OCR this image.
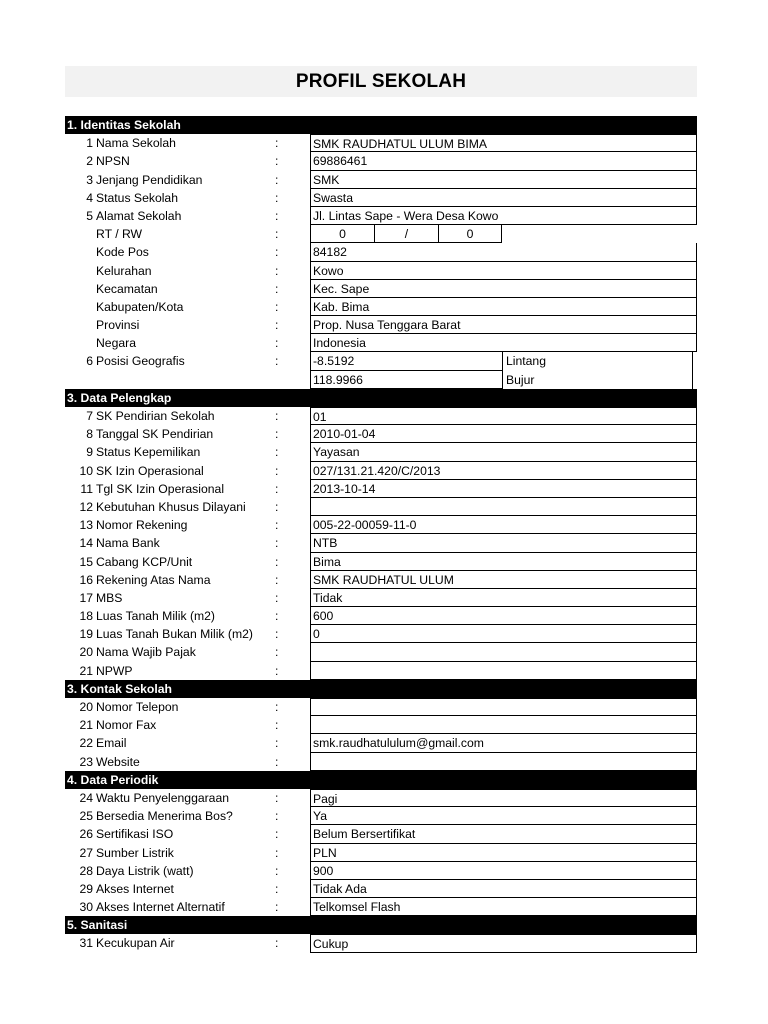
PROFIL SEKOLAH
1. Identitas Sekolah
1 Nama Sekolah	:	SMK RAUDHATUL ULUM BIMA
2 NPSN	:	69886461
3 Jenjang Pendidikan	:	SMK
4 Status Sekolah	:	Swasta
5 Alamat Sekolah	:	Jl. Lintas Sape - Wera Desa Kowo
RT / RW	:	0	/	0
Kode Pos	:	84182
Kelurahan	:	Kowo
Kecamatan	:	Kec. Sape
Kabupaten/Kota	:	Kab. Bima
Provinsi	:	Prop. Nusa Tenggara Barat
Negara	:	Indonesia
6 Posisi Geografis	:	-8.5192	Lintang
118.9966	Bujur
3. Data Pelengkap
7 SK Pendirian Sekolah	:	01
8 Tanggal SK Pendirian	:	2010-01-04
9 Status Kepemilikan	:	Yayasan
10 SK Izin Operasional	:	027/131.21.420/C/2013
11 Tgl SK Izin Operasional	:	2013-10-14
12 Kebutuhan Khusus Dilayani :
13 Nomor Rekening	:	005-22-00059-11-0
14 Nama Bank	:	NTB
15 Cabang KCP/Unit	:	Bima
16 Rekening Atas Nama	:	SMK RAUDHATUL ULUM
17 MBS	:	Tidak
18 Luas Tanah Milik (m2)	:	600
19 Luas Tanah Bukan Milik (m2) :	0
20 Nama Wajib Pajak	:
21 NPWP	:
3. Kontak Sekolah
20 Nomor Telepon	:
21 Nomor Fax	:
22 Email	:	smk.raudhatululum@gmail.com
23 Website	:
4. Data Periodik
24 Waktu Penyelenggaraan	:	Pagi
25 Bersedia Menerima Bos?	:	Ya
26 Sertifikasi ISO	:	Belum Bersertifikat
27 Sumber Listrik	:	PLN
28 Daya Listrik (watt)	:	900
29 Akses Internet	:	Tidak Ada
30 Akses Internet Alternatif	:	Telkomsel Flash
5. Sanitasi
31 Kecukupan Air	:	Cukup
